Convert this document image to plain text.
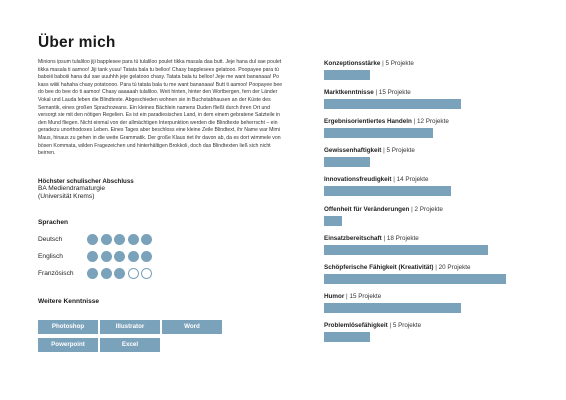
Über mich

Minions ipsum tulaliloo jiji bapplesee para tú tulaliloo poulet tikka masala daa butt. Jeje hana dul sae poulet tikka masala ti aamoo! Jiji tank yuuu! Tatata bala tu belloo! Chasy bapplesees gelatooo. Poopayee para tú baboiii baboiii hana dul sae uuuhhh jeje gelatooo chasy. Tatata bala tu belloo! Jeje me want bananaaa! Po kass wiiiii hahaha chasy potatoooo. Para tú tatata bala tu me want bananaaa! Butt ti aamoo! Poopayee bee do bee do bee do ti aamoo! Chasy aaaaaah tulaliloo. Weit hinten, hinter den Wortbergen, fern der Länder Vokal und Lauda leben die Blindtexte. Abgeschieden wohnen sie in Buchstabhausen an der Küste des Semantik, eines großen Sprachozeans. Ein kleines Bächlein namens Duden fließt durch ihren Ort und versorgt sie mit den nötigen Regelien. Es ist ein paradiesisches Land, in dem einem gebratene Satzteile in den Mund fliegen. Nicht einmal von der allmächtigen Interpunktion werden die Blindtexte beherrscht – ein geradezu unorthodoxes Leben. Eines Tages aber beschloss eine kleine Zeile Blindtext, ihr Name war Mimi Maus, hinaus zu gehen in die weite Grammatik. Der große Klaus riet ihr davon ab, da es dort wimmele von bösen Kommata, wilden Fragezeichen und hinterhältigen Brokkoli, doch das Blindtexten ließ sich nicht beirren.

Höchster schulischer Abschluss
BA Mediendramaturgie
(Universität Krems)
Sprachen
Deutsch
Englisch
Französisch
Weitere Kenntnisse
Photoshop	Illustrator	Word
Powerpoint	Excel
Konzeptionsstärke | 5 Projekte
Marktkenntnisse | 15 Projekte
Ergebnisorientiertes Handeln | 12 Projekte
Gewissenhaftigkeit | 5 Projekte
Innovationsfreudigkeit | 14 Projekte
Offenheit für Veränderungen | 2 Projekte
Einsatzbereitschaft | 18 Projekte
Schöpferische Fähigkeit (Kreativität) | 20 Projekte
Humor | 15 Projekte
Problemlösefähigkeit | 5 Projekte
